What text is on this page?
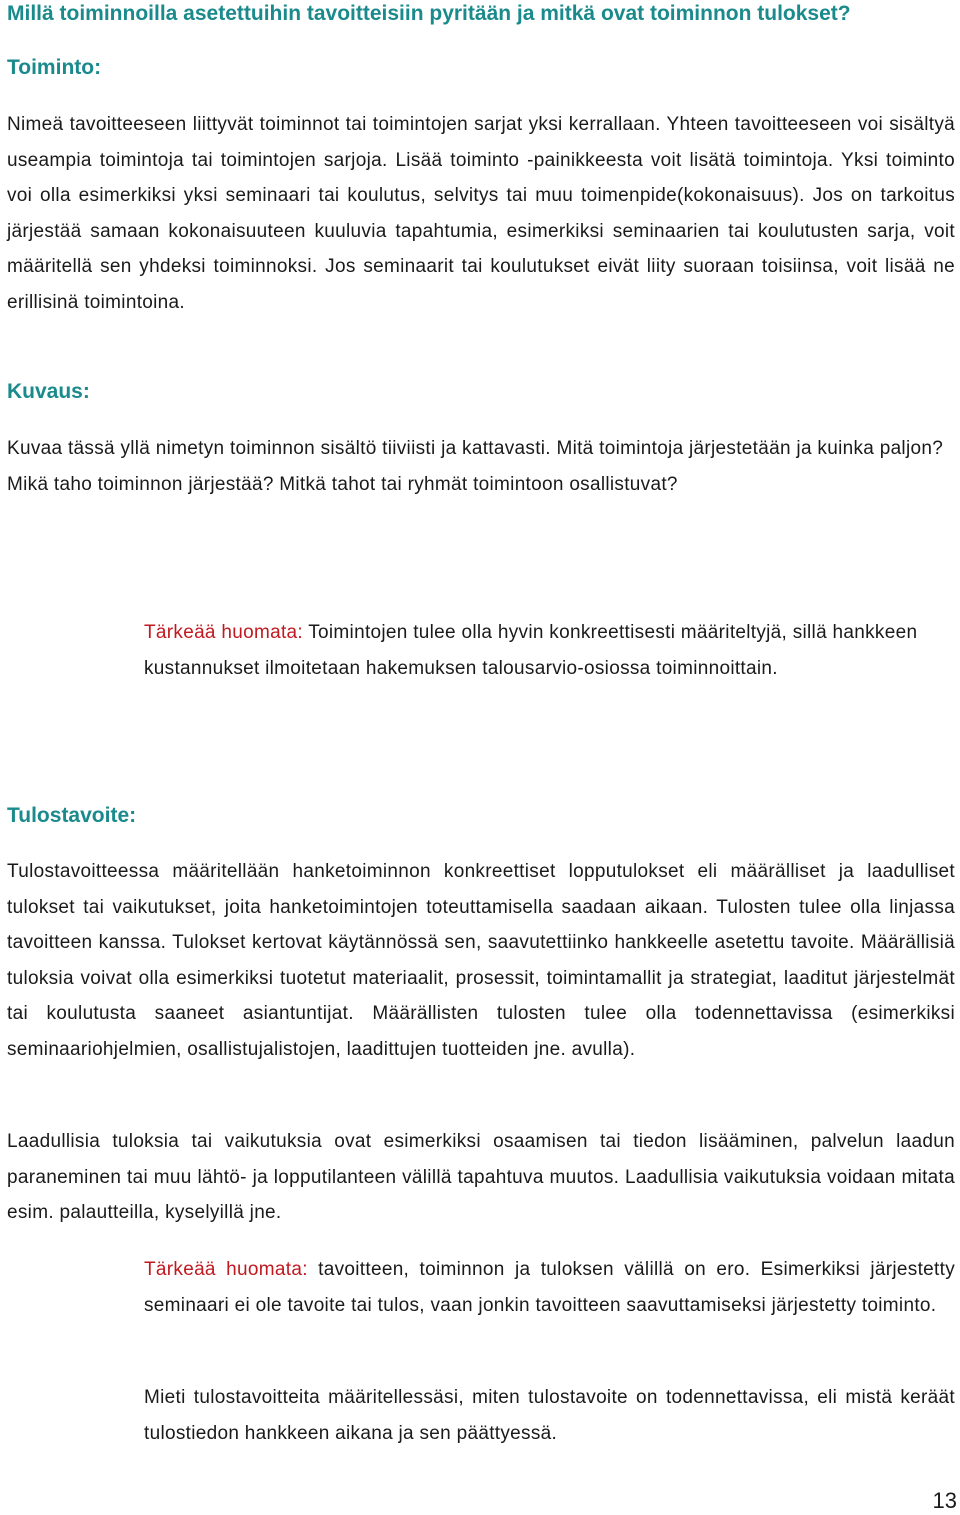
Millä toiminnoilla asetettuihin tavoitteisiin pyritään ja mitkä ovat toiminnon tulokset?
Toiminto:

Nimeä tavoitteeseen liittyvät toiminnot tai toimintojen sarjat yksi kerrallaan. Yhteen tavoitteeseen voi sisältyä useampia toimintoja tai toimintojen sarjoja. Lisää toiminto -painikkeesta voit lisätä toimintoja. Yksi toiminto voi olla esimerkiksi yksi seminaari tai koulutus, selvitys tai muu toimenpide(kokonaisuus). Jos on tarkoitus järjestää samaan kokonaisuuteen kuuluvia tapahtumia, esimerkiksi seminaarien tai koulutusten sarja, voit määritellä sen yhdeksi toiminnoksi. Jos seminaarit tai koulutukset eivät liity suoraan toisiinsa, voit lisää ne erillisinä toimintoina.

Kuvaus:

Kuvaa tässä yllä nimetyn toiminnon sisältö tiiviisti ja kattavasti. Mitä toimintoja järjestetään ja kuinka paljon? Mikä taho toiminnon järjestää? Mitkä tahot tai ryhmät toimintoon osallistuvat?

Tärkeää huomata: Toimintojen tulee olla hyvin konkreettisesti määriteltyjä, sillä hankkeen kustannukset ilmoitetaan hakemuksen talousarvio-osiossa toiminnoittain.

Tulostavoite:

Tulostavoitteessa määritellään hanketoiminnon konkreettiset lopputulokset eli määrälliset ja laadulliset tulokset tai vaikutukset, joita hanketoimintojen toteuttamisella saadaan aikaan. Tulosten tulee olla linjassa tavoitteen kanssa. Tulokset kertovat käytännössä sen, saavutettiinko hankkeelle asetettu tavoite. Määrällisiä tuloksia voivat olla esimerkiksi tuotetut materiaalit, prosessit, toimintamallit ja strategiat, laaditut järjestelmät tai koulutusta saaneet asiantuntijat. Määrällisten tulosten tulee olla todennettavissa (esimerkiksi seminaariohjelmien, osallistujalistojen, laadittujen tuotteiden jne. avulla).

Laadullisia tuloksia tai vaikutuksia ovat esimerkiksi osaamisen tai tiedon lisääminen, palvelun laadun paraneminen tai muu lähtö- ja lopputilanteen välillä tapahtuva muutos. Laadullisia vaikutuksia voidaan mitata esim. palautteilla, kyselyillä jne.

Tärkeää huomata: tavoitteen, toiminnon ja tuloksen välillä on ero. Esimerkiksi järjestetty seminaari ei ole tavoite tai tulos, vaan jonkin tavoitteen saavuttamiseksi järjestetty toiminto.

Mieti tulostavoitteita määritellessäsi, miten tulostavoite on todennettavissa, eli mistä keräät tulostiedon hankkeen aikana ja sen päättyessä.

13
